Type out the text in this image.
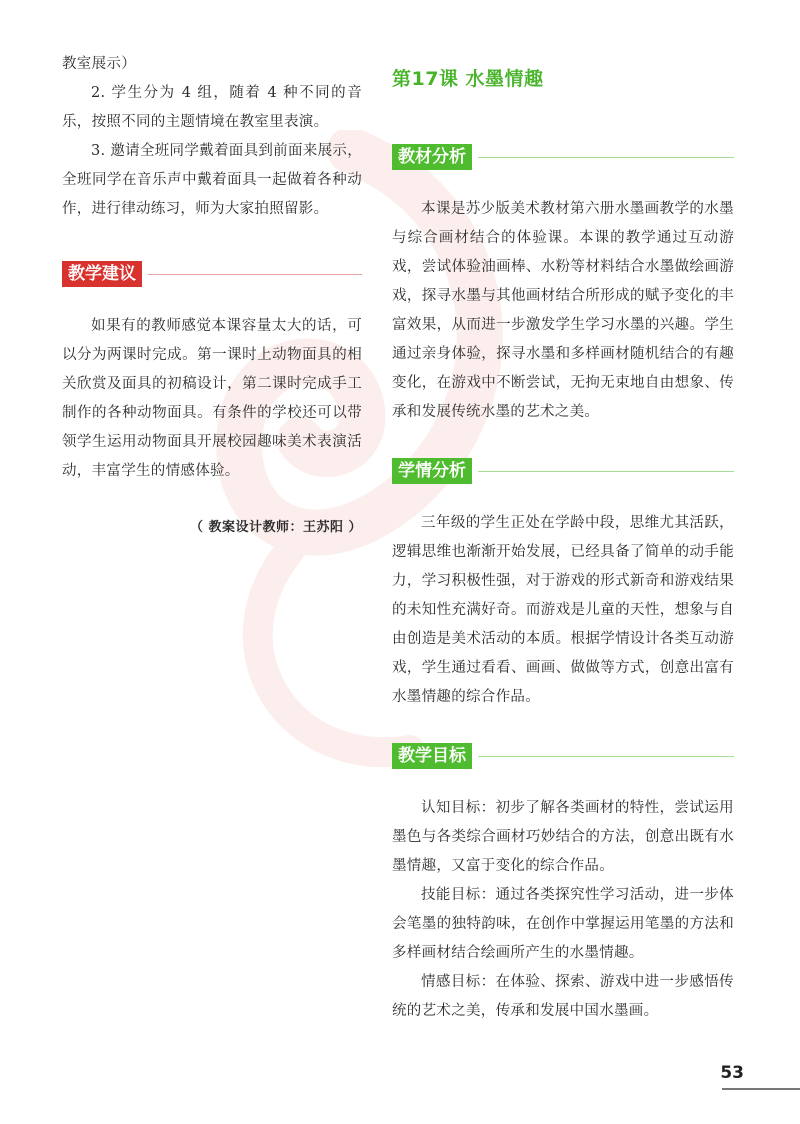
教室展示）

2. 学生分为 4 组，随着 4 种不同的音乐，按照不同的主题情境在教室里表演。

3. 邀请全班同学戴着面具到前面来展示，全班同学在音乐声中戴着面具一起做着各种动作，进行律动练习，师为大家拍照留影。

教学建议

如果有的教师感觉本课容量太大的话，可以分为两课时完成。第一课时上动物面具的相关欣赏及面具的初稿设计，第二课时完成手工制作的各种动物面具。有条件的学校还可以带领学生运用动物面具开展校园趣味美术表演活动，丰富学生的情感体验。

（ 教案设计教师：王苏阳 ）

第17课 水墨情趣
教材分析

本课是苏少版美术教材第六册水墨画教学的水墨与综合画材结合的体验课。本课的教学通过互动游戏，尝试体验油画棒、水粉等材料结合水墨做绘画游戏，探寻水墨与其他画材结合所形成的赋予变化的丰富效果，从而进一步激发学生学习水墨的兴趣。学生通过亲身体验，探寻水墨和多样画材随机结合的有趣变化，在游戏中不断尝试，无拘无束地自由想象、传承和发展传统水墨的艺术之美。

学情分析

三年级的学生正处在学龄中段，思维尤其活跃，逻辑思维也渐渐开始发展，已经具备了简单的动手能力，学习积极性强，对于游戏的形式新奇和游戏结果的未知性充满好奇。而游戏是儿童的天性，想象与自由创造是美术活动的本质。根据学情设计各类互动游戏，学生通过看看、画画、做做等方式，创意出富有水墨情趣的综合作品。

教学目标

认知目标：初步了解各类画材的特性，尝试运用墨色与各类综合画材巧妙结合的方法，创意出既有水墨情趣，又富于变化的综合作品。

技能目标：通过各类探究性学习活动，进一步体会笔墨的独特韵味，在创作中掌握运用笔墨的方法和多样画材结合绘画所产生的水墨情趣。

情感目标：在体验、探索、游戏中进一步感悟传统的艺术之美，传承和发展中国水墨画。

53
